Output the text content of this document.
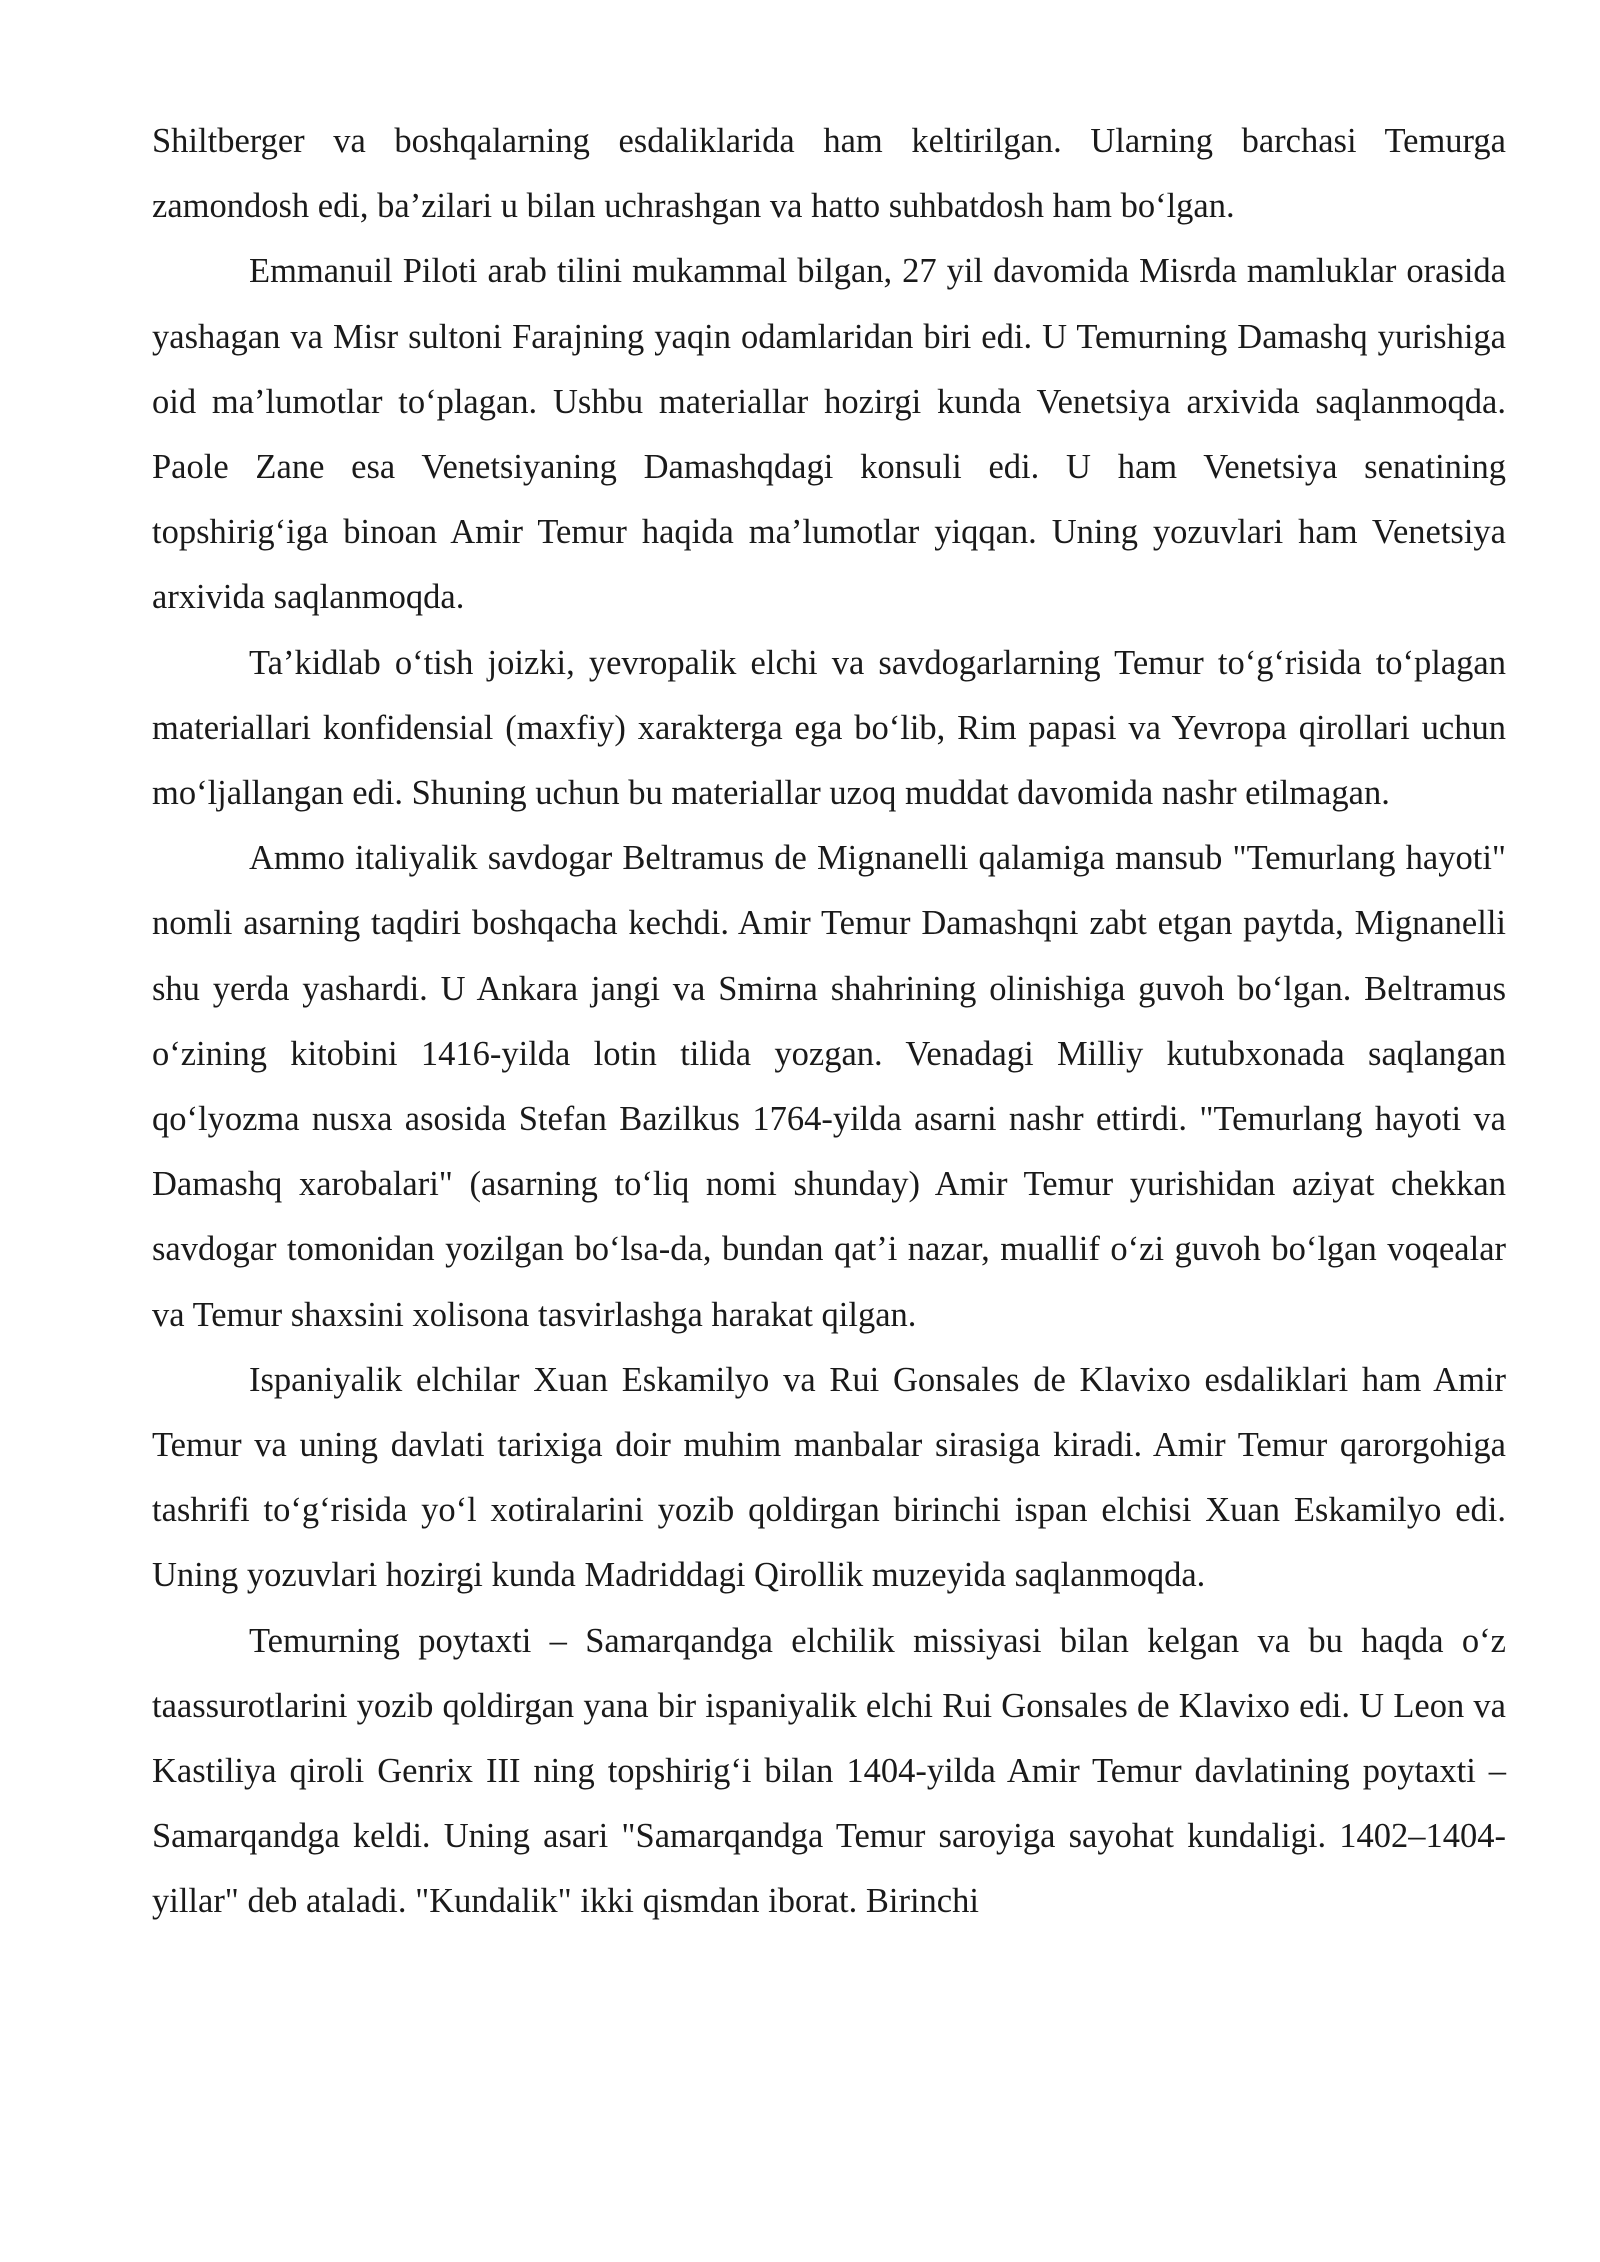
Shiltberger va boshqalarning esdaliklarida ham keltirilgan. Ularning barchasi Temurga zamondosh edi, ba’zilari u bilan uchrashgan va hatto suhbatdosh ham bo‘lgan.

Emmanuil Piloti arab tilini mukammal bilgan, 27 yil davomida Misrda mamluklar orasida yashagan va Misr sultoni Farajning yaqin odamlaridan biri edi. U Temurning Damashq yurishiga oid ma’lumotlar to‘plagan. Ushbu materiallar hozirgi kunda Venetsiya arxivida saqlanmoqda. Paole Zane esa Venetsiyaning Damashqdagi konsuli edi. U ham Venetsiya senatining topshirig‘iga binoan Amir Temur haqida ma’lumotlar yiqqan. Uning yozuvlari ham Venetsiya arxivida saqlanmoqda.

Ta’kidlab o‘tish joizki, yevropalik elchi va savdogarlarning Temur to‘g‘risida to‘plagan materiallari konfidensial (maxfiy) xarakterga ega bo‘lib, Rim papasi va Yevropa qirollari uchun mo‘ljallangan edi. Shuning uchun bu materiallar uzoq muddat davomida nashr etilmagan.

Ammo italiyalik savdogar Beltramus de Mignanelli qalamiga mansub "Temurlang hayoti" nomli asarning taqdiri boshqacha kechdi. Amir Temur Damashqni zabt etgan paytda, Mignanelli shu yerda yashardi. U Ankara jangi va Smirna shahrining olinishiga guvoh bo‘lgan. Beltramus o‘zining kitobini 1416-yilda lotin tilida yozgan. Venadagi Milliy kutubxonada saqlangan qo‘lyozma nusxa asosida Stefan Bazilkus 1764-yilda asarni nashr ettirdi. "Temurlang hayoti va Damashq xarobalari" (asarning to‘liq nomi shunday) Amir Temur yurishidan aziyat chekkan savdogar tomonidan yozilgan bo‘lsa-da, bundan qat’i nazar, muallif o‘zi guvoh bo‘lgan voqealar va Temur shaxsini xolisona tasvirlashga harakat qilgan.

Ispaniyalik elchilar Xuan Eskamilyo va Rui Gonsales de Klavixo esdaliklari ham Amir Temur va uning davlati tarixiga doir muhim manbalar sirasiga kiradi. Amir Temur qarorgohiga tashrifi to‘g‘risida yo‘l xotiralarini yozib qoldirgan birinchi ispan elchisi Xuan Eskamilyo edi. Uning yozuvlari hozirgi kunda Madriddagi Qirollik muzeyida saqlanmoqda.

Temurning poytaxti – Samarqandga elchilik missiyasi bilan kelgan va bu haqda o‘z taassurotlarini yozib qoldirgan yana bir ispaniyalik elchi Rui Gonsales de Klavixo edi. U Leon va Kastiliya qiroli Genrix III ning topshirig‘i bilan 1404-yilda Amir Temur davlatining poytaxti – Samarqandga keldi. Uning asari "Samarqandga Temur saroyiga sayohat kundaligi. 1402–1404-yillar" deb ataladi. "Kundalik" ikki qismdan iborat. Birinchi
